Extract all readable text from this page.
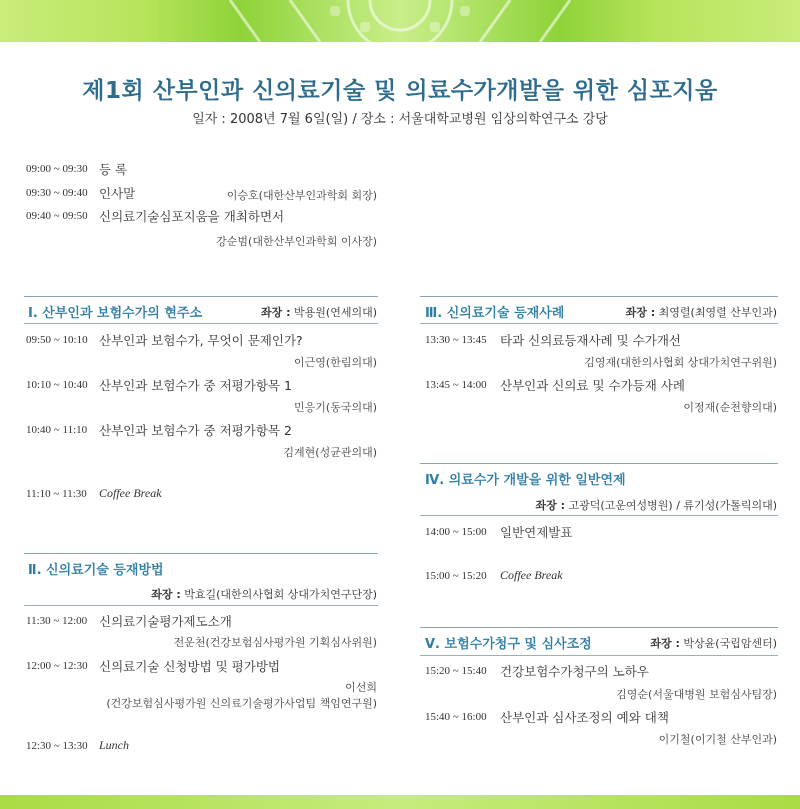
제1회 산부인과 신의료기술 및 의료수가개발을 위한 심포지움
일자 : 2008년 7월 6일(일) / 장소 : 서울대학교병원 임상의학연구소 강당
09:00 ~ 09:30 등 록
09:30 ~ 09:40 인사말	이승호(대한산부인과학회 회장)
09:40 ~ 09:50 신의료기술심포지움을 개최하면서
강순범(대한산부인과학회 이사장)
Ⅰ. 산부인과 보험수가의 현주소	좌장 : 박용원(연세의대)
09:50 ~ 10:10 산부인과 보험수가, 무엇이 문제인가?
이근영(한림의대)
10:10 ~ 10:40 산부인과 보험수가 중 저평가항목 1
민응기(동국의대)
10:40 ~ 11:10 산부인과 보험수가 중 저평가항목 2
김계현(성균관의대)
11:10 ~ 11:30 Coffee Break
Ⅱ. 신의료기술 등재방법
좌장 : 박효길(대한의사협회 상대가치연구단장)
11:30 ~ 12:00 신의료기술평가제도소개
전운천(건강보험심사평가원 기획심사위원)
12:00 ~ 12:30 신의료기술 신청방법 및 평가방법
이선희
(건강보험심사평가원 신의료기술평가사업팀 책임연구원)
12:30 ~ 13:30 Lunch
Ⅲ. 신의료기술 등재사례	좌장 : 최영렬(최영렬 산부인과)
13:30 ~ 13:45 타과 신의료등재사례 및 수가개선
김영재(대한의사협회 상대가치연구위원)
13:45 ~ 14:00 산부인과 신의료 및 수가등재 사례
이정재(순천향의대)
Ⅳ. 의료수가 개발을 위한 일반연제
좌장 : 고광덕(고운여성병원) / 류기성(가톨릭의대)
14:00 ~ 15:00 일반연제발표
15:00 ~ 15:20 Coffee Break
Ⅴ. 보험수가청구 및 심사조정	좌장 : 박상윤(국립암센터)
15:20 ~ 15:40 건강보험수가청구의 노하우
김영순(서울대병원 보험심사팀장)
15:40 ~ 16:00 산부인과 심사조정의 예와 대책
이기철(이기철 산부인과)
